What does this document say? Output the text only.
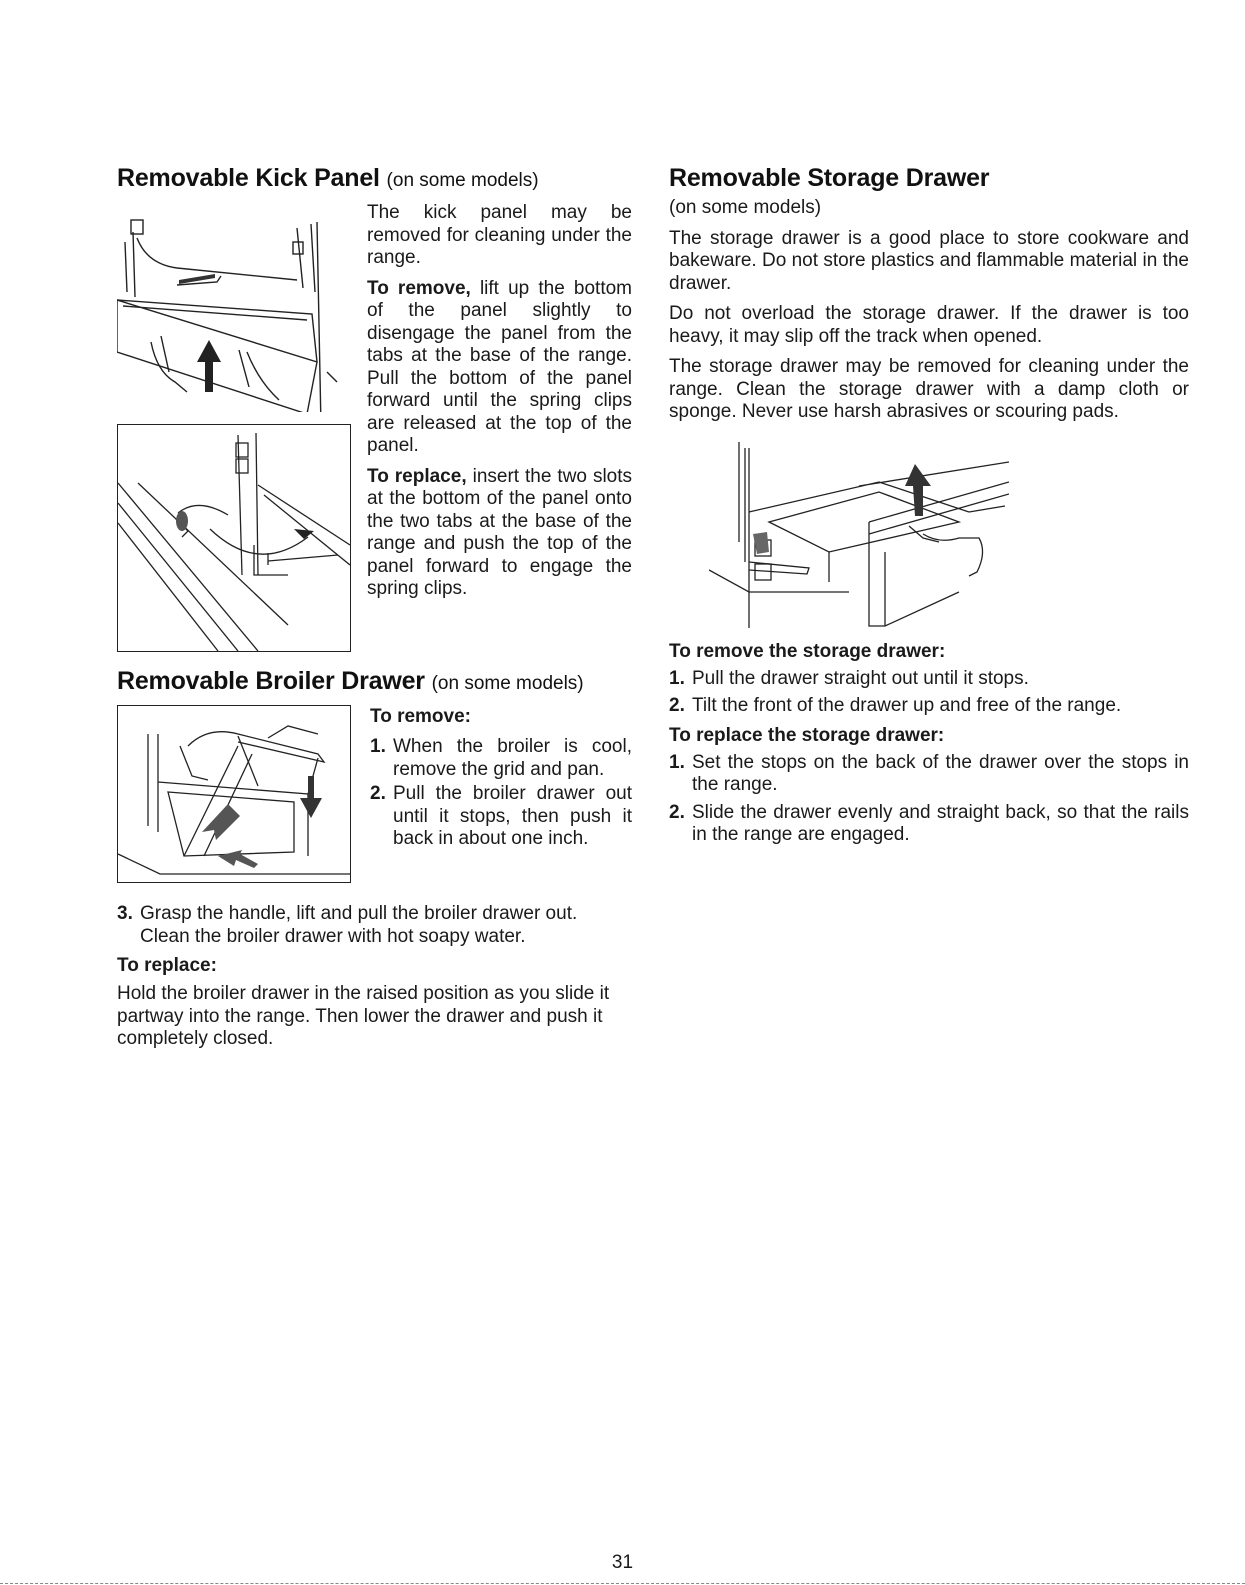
Removable Kick Panel (on some models)

The kick panel may be removed for cleaning under the range.

To remove, lift up the bottom of the panel slightly to disengage the panel from the tabs at the base of the range. Pull the bottom of the panel forward until the spring clips are released at the top of the panel.

To replace, insert the two slots at the bottom of the panel onto the two tabs at the base of the range and push the top of the panel forward to engage the spring clips.

Removable Broiler Drawer (on some models)

To remove:

1. When the broiler is cool, remove the grid and pan.
2. Pull the broiler drawer out until it stops, then push it back in about one inch.
3. Grasp the handle, lift and pull the broiler drawer out. Clean the broiler drawer with hot soapy water.

To replace:

Hold the broiler drawer in the raised position as you slide it partway into the range. Then lower the drawer and push it completely closed.

Removable Storage Drawer

(on some models)

The storage drawer is a good place to store cookware and bakeware. Do not store plastics and flammable material in the drawer.

Do not overload the storage drawer. If the drawer is too heavy, it may slip off the track when opened.

The storage drawer may be removed for cleaning under the range. Clean the storage drawer with a damp cloth or sponge. Never use harsh abrasives or scouring pads.

To remove the storage drawer:

1. Pull the drawer straight out until it stops.
2. Tilt the front of the drawer up and free of the range.

To replace the storage drawer:

1. Set the stops on the back of the drawer over the stops in the range.
2. Slide the drawer evenly and straight back, so that the rails in the range are engaged.
31
